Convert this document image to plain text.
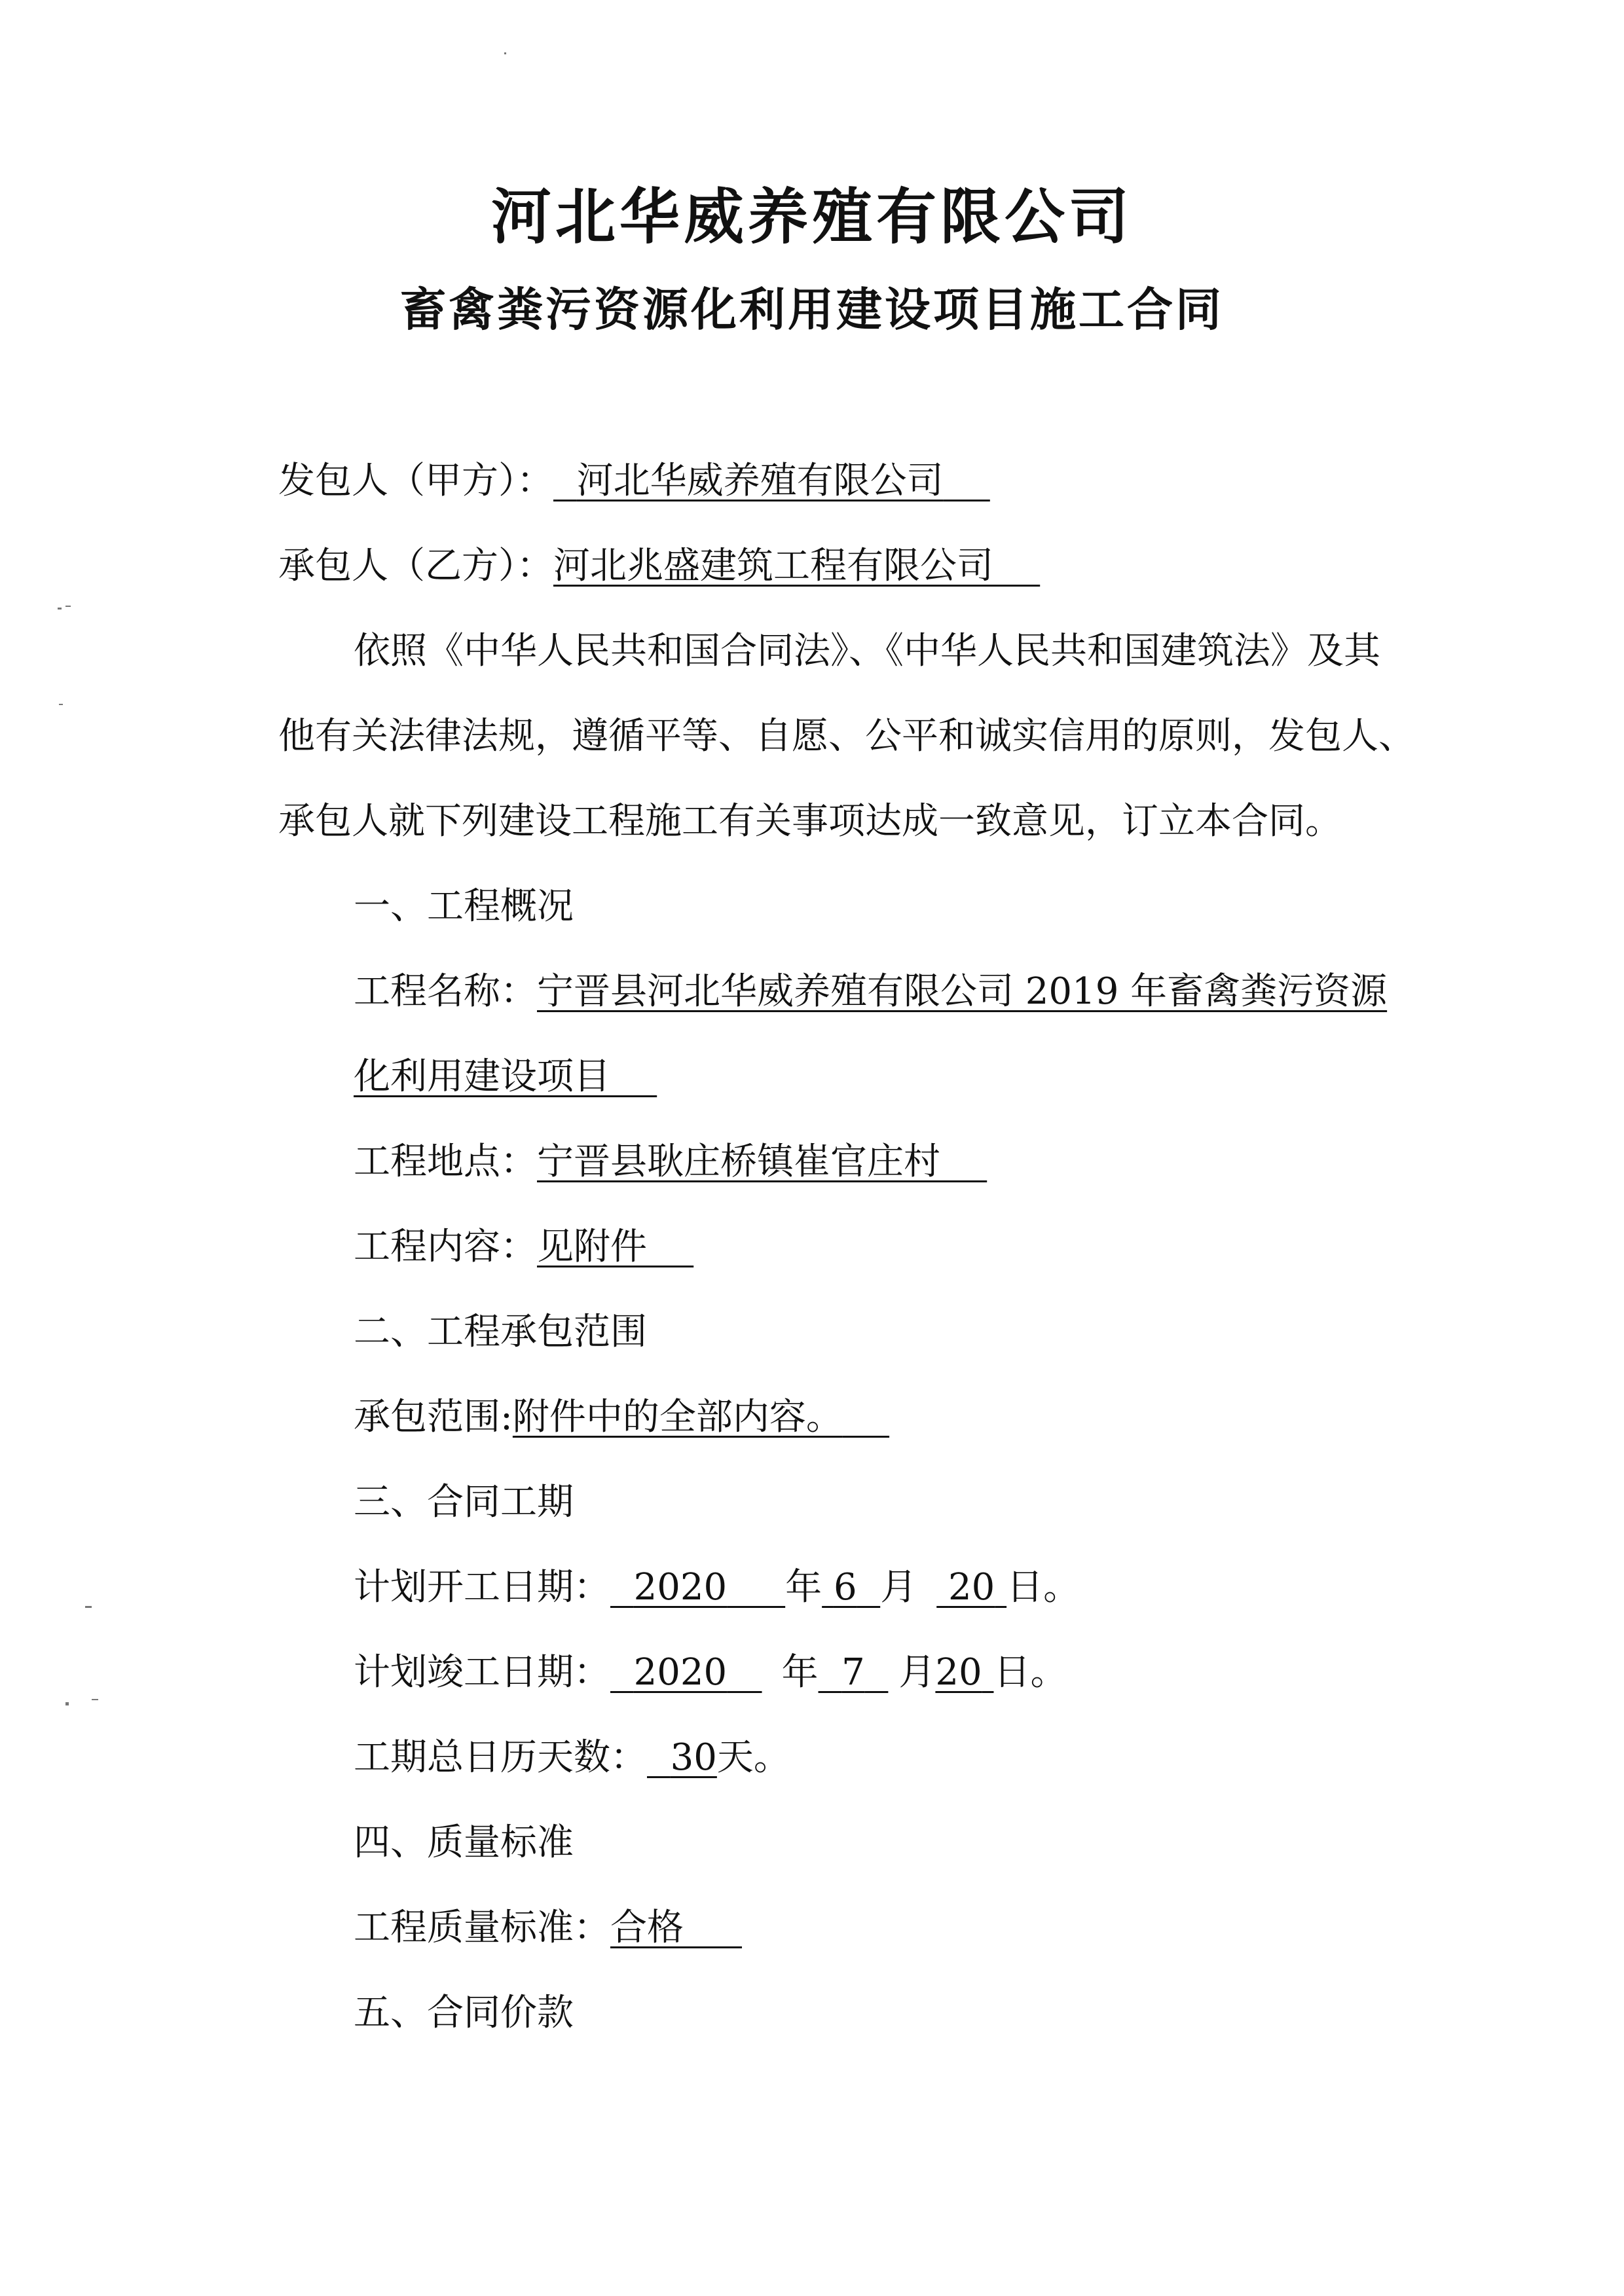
河北华威养殖有限公司
畜禽粪污资源化利用建设项目施工合同
发包人（甲方）： 河北华威养殖有限公司
承包人（乙方）：河北兆盛建筑工程有限公司
依照《中华人民共和国合同法》、《中华人民共和国建筑法》及其
他有关法律法规，遵循平等、自愿、公平和诚实信用的原则，发包人、
承包人就下列建设工程施工有关事项达成一致意见，订立本合同。
一、工程概况
工程名称：宁晋县河北华威养殖有限公司 2019 年畜禽粪污资源
化利用建设项目
工程地点：宁晋县耿庄桥镇崔官庄村
工程内容：见附件
二、工程承包范围
承包范围:附件中的全部内容。
三、合同工期
计划开工日期： 2020 年 6 月 20 日。
计划竣工日期： 2020 年 7 月20 日。
工期总日历天数： 30天。
四、质量标准
工程质量标准：合格
五、合同价款
